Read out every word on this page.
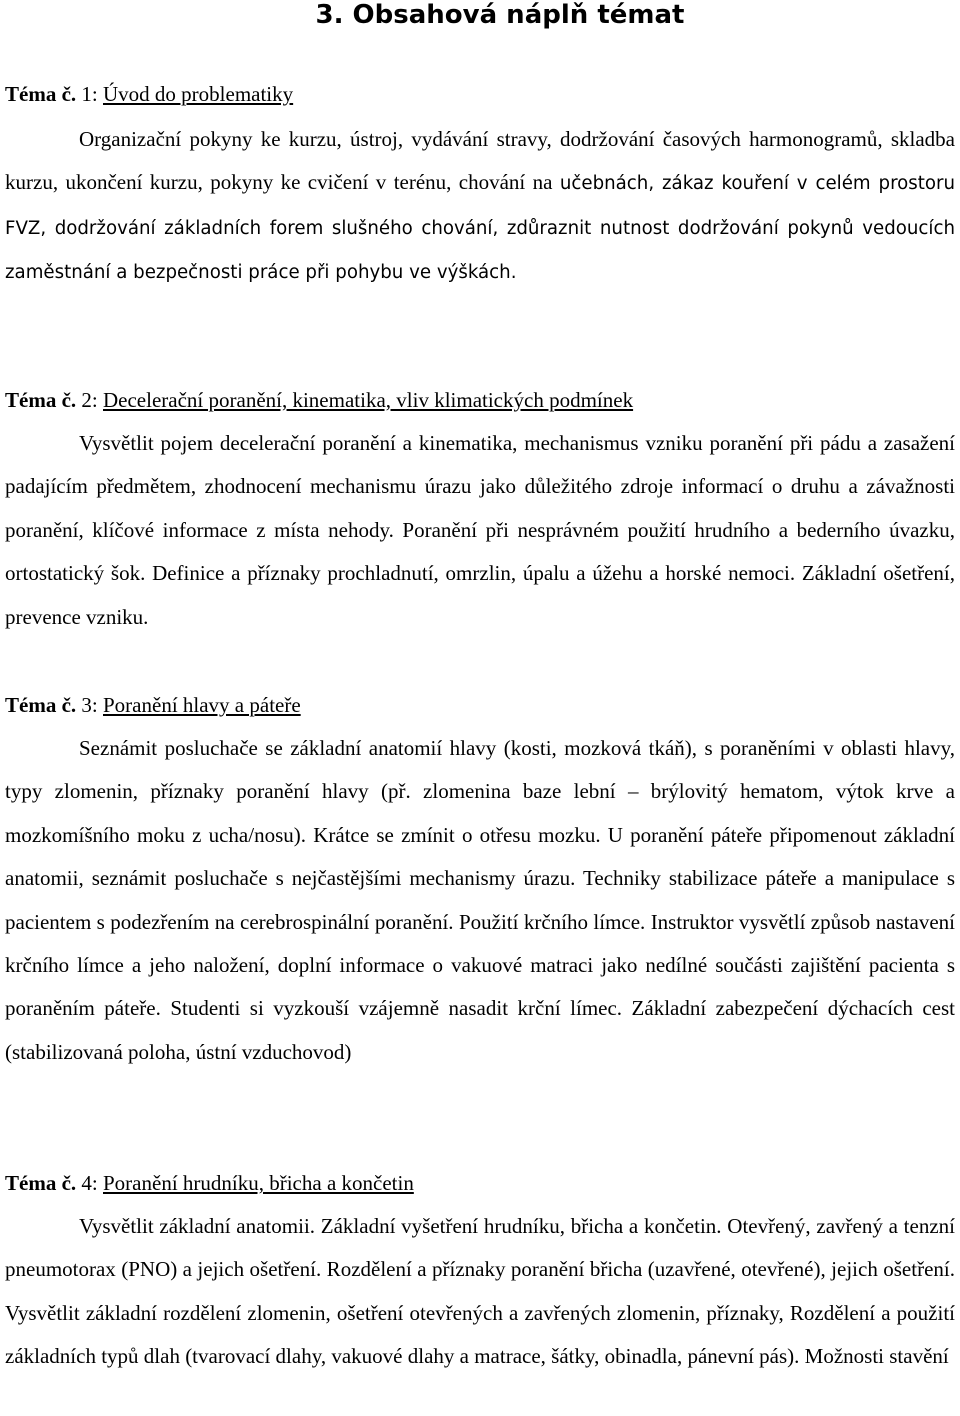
3. Obsahová náplň témat
Téma č. 1: Úvod do problematiky

Organizační pokyny ke kurzu, ústroj, vydávání stravy, dodržování časových harmonogramů, skladba kurzu, ukončení kurzu, pokyny ke cvičení v terénu, chování na učebnách, zákaz kouření v celém prostoru FVZ, dodržování základních forem slušného chování, zdůraznit nutnost dodržování pokynů vedoucích zaměstnání a bezpečnosti práce při pohybu ve výškách.

Téma č. 2: Decelerační poranění, kinematika, vliv klimatických podmínek

Vysvětlit pojem decelerační poranění a kinematika, mechanismus vzniku poranění při pádu a zasažení padajícím předmětem, zhodnocení mechanismu úrazu jako důležitého zdroje informací o druhu a závažnosti poranění, klíčové informace z místa nehody. Poranění při nesprávném použití hrudního a bederního úvazku, ortostatický šok. Definice a příznaky prochladnutí, omrzlin, úpalu a úžehu a horské nemoci. Základní ošetření, prevence vzniku.

Téma č. 3: Poranění hlavy a páteře

Seznámit posluchače se základní anatomií hlavy (kosti, mozková tkáň), s poraněními v oblasti hlavy, typy zlomenin, příznaky poranění hlavy (př. zlomenina baze lební – brýlovitý hematom, výtok krve a mozkomíšního moku z ucha/nosu). Krátce se zmínit o otřesu mozku. U poranění páteře připomenout základní anatomii, seznámit posluchače s nejčastějšími mechanismy úrazu. Techniky stabilizace páteře a manipulace s pacientem s podezřením na cerebrospinální poranění. Použití krčního límce. Instruktor vysvětlí způsob nastavení krčního límce a jeho naložení, doplní informace o vakuové matraci jako nedílné součásti zajištění pacienta s poraněním páteře. Studenti si vyzkouší vzájemně nasadit krční límec. Základní zabezpečení dýchacích cest (stabilizovaná poloha, ústní vzduchovod)

Téma č. 4: Poranění hrudníku, břicha a končetin

Vysvětlit základní anatomii. Základní vyšetření hrudníku, břicha a končetin. Otevřený, zavřený a tenzní pneumotorax (PNO) a jejich ošetření. Rozdělení a příznaky poranění břicha (uzavřené, otevřené), jejich ošetření. Vysvětlit základní rozdělení zlomenin, ošetření otevřených a zavřených zlomenin, příznaky, Rozdělení a použití základních typů dlah (tvarovací dlahy, vakuové dlahy a matrace, šátky, obinadla, pánevní pás). Možnosti stavění
